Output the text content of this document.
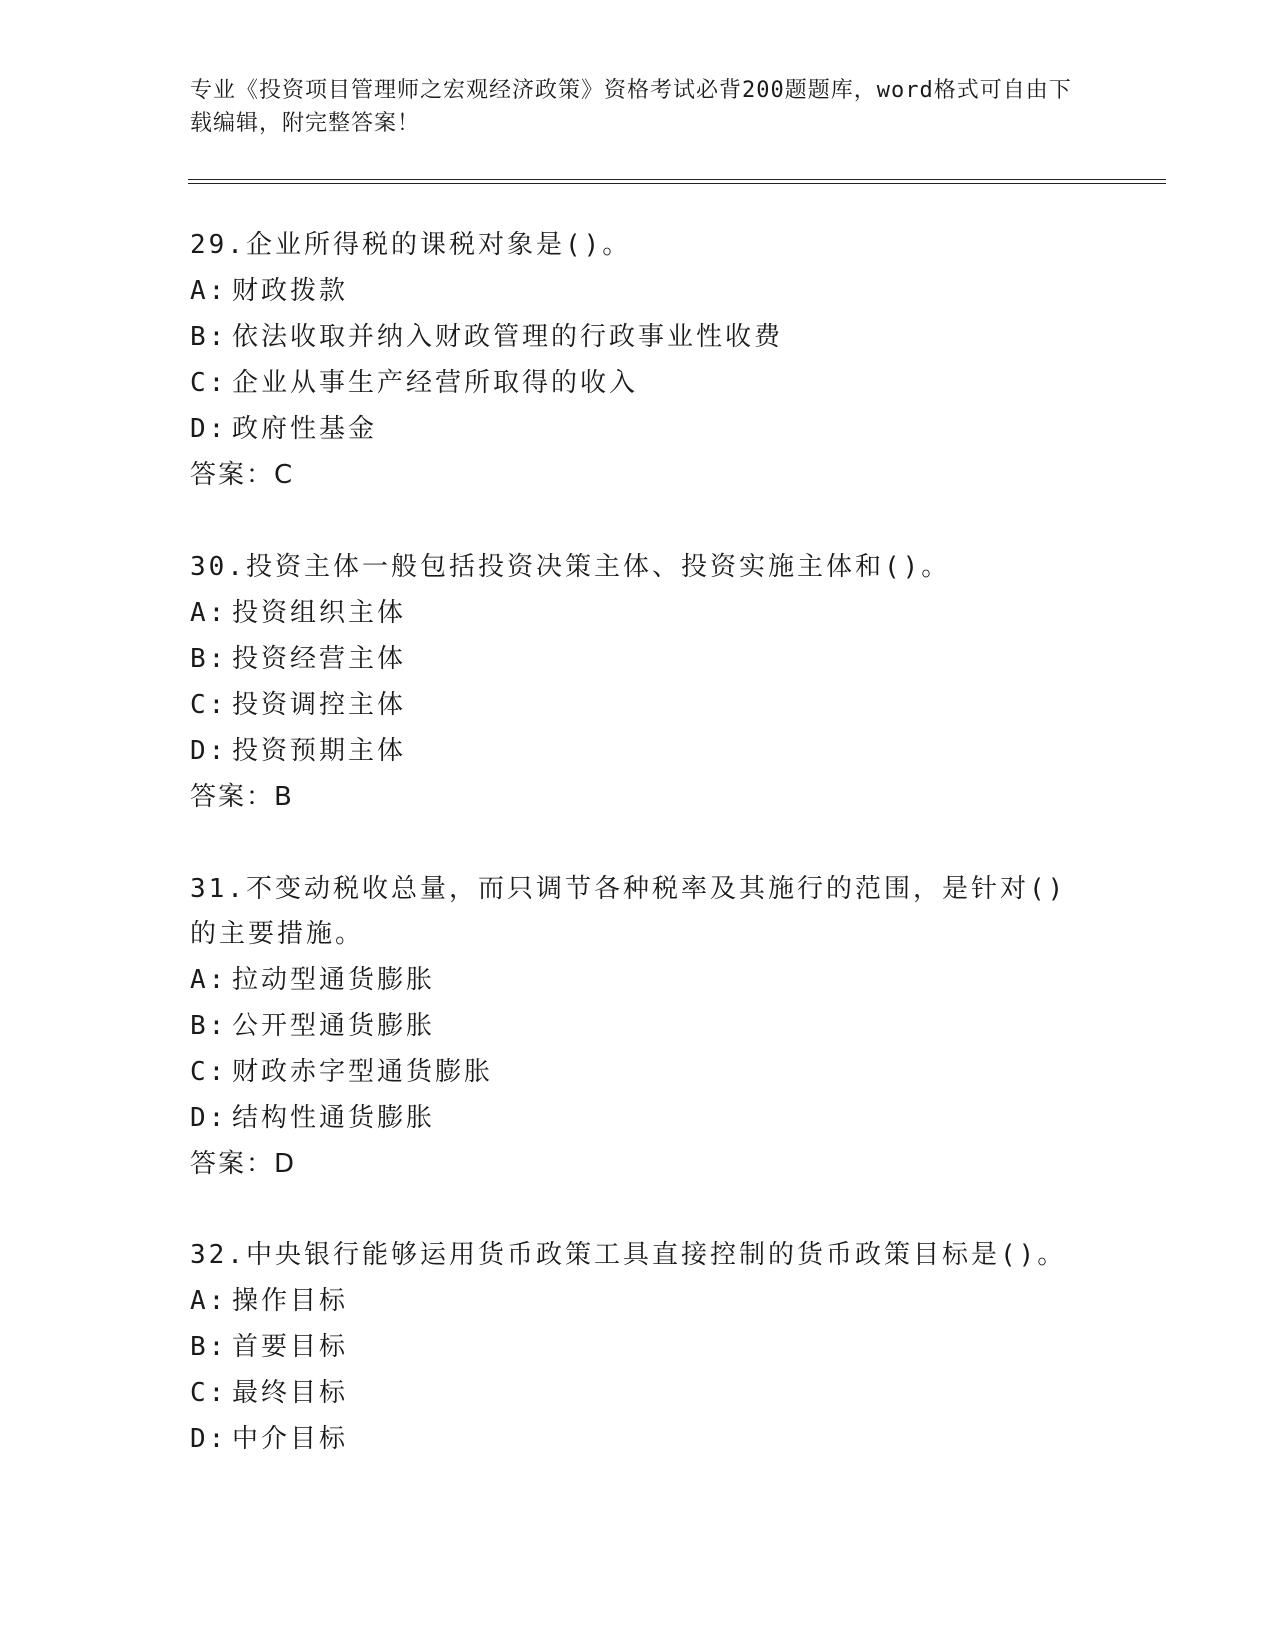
专业《投资项目管理师之宏观经济政策》资格考试必背200题题库，word格式可自由下载编辑，附完整答案！
29.企业所得税的课税对象是()。
A: 财政拨款
B: 依法收取并纳入财政管理的行政事业性收费
C: 企业从事生产经营所取得的收入
D: 政府性基金
答案：C
30.投资主体一般包括投资决策主体、投资实施主体和()。
A: 投资组织主体
B: 投资经营主体
C: 投资调控主体
D: 投资预期主体
答案：B
31.不变动税收总量，而只调节各种税率及其施行的范围，是针对()的主要措施。
A: 拉动型通货膨胀
B: 公开型通货膨胀
C: 财政赤字型通货膨胀
D: 结构性通货膨胀
答案：D
32.中央银行能够运用货币政策工具直接控制的货币政策目标是()。
A: 操作目标
B: 首要目标
C: 最终目标
D: 中介目标
